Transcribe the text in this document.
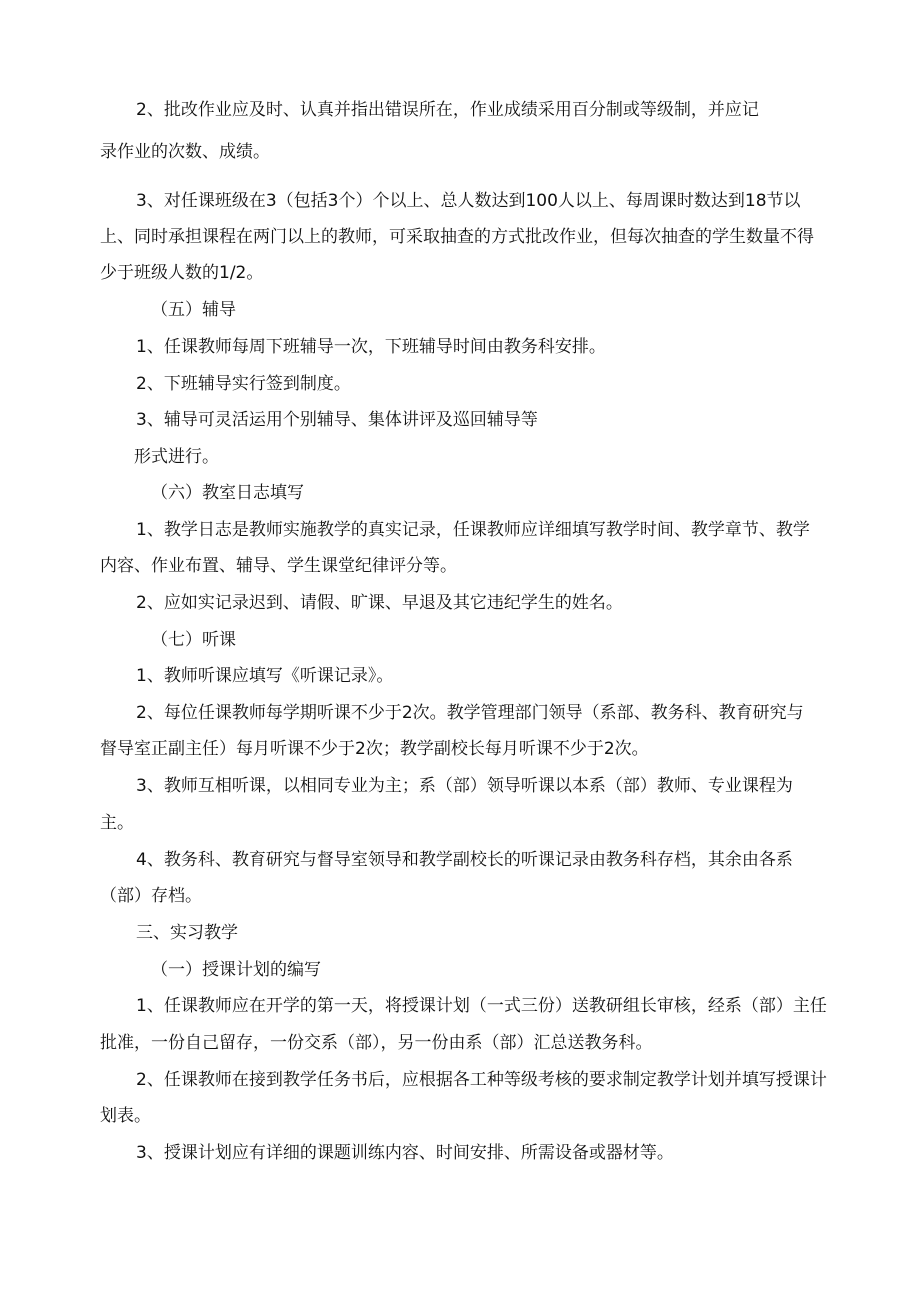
2、批改作业应及时、认真并指出错误所在，作业成绩采用百分制或等级制，并应记

录作业的次数、成绩。

3、对任课班级在3（包括3个）个以上、总人数达到100人以上、每周课时数达到18节以

上、同时承担课程在两门以上的教师，可采取抽查的方式批改作业，但每次抽查的学生数量不得

少于班级人数的1/2。

（五）辅导

1、任课教师每周下班辅导一次，下班辅导时间由教务科安排。

2、下班辅导实行签到制度。

3、辅导可灵活运用个别辅导、集体讲评及巡回辅导等

形式进行。

（六）教室日志填写

1、教学日志是教师实施教学的真实记录，任课教师应详细填写教学时间、教学章节、教学

内容、作业布置、辅导、学生课堂纪律评分等。

2、应如实记录迟到、请假、旷课、早退及其它违纪学生的姓名。

（七）听课

1、教师听课应填写《听课记录》。

2、每位任课教师每学期听课不少于2次。教学管理部门领导（系部、教务科、教育研究与

督导室正副主任）每月听课不少于2次；教学副校长每月听课不少于2次。

3、教师互相听课，以相同专业为主；系（部）领导听课以本系（部）教师、专业课程为

主。

4、教务科、教育研究与督导室领导和教学副校长的听课记录由教务科存档，其余由各系

（部）存档。

三、实习教学

（一）授课计划的编写

1、任课教师应在开学的第一天，将授课计划（一式三份）送教研组长审核，经系（部）主任

批准，一份自己留存，一份交系（部），另一份由系（部）汇总送教务科。

2、任课教师在接到教学任务书后，应根据各工种等级考核的要求制定教学计划并填写授课计

划表。

3、授课计划应有详细的课题训练内容、时间安排、所需设备或器材等。
